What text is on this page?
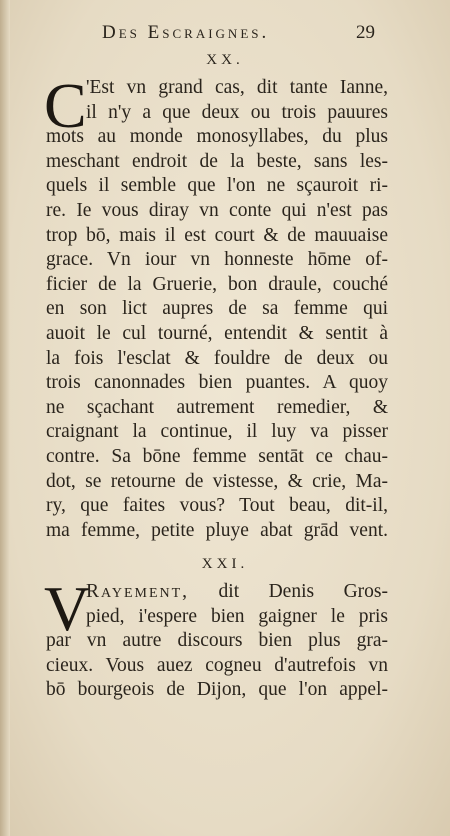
Des Escraignes.	29
XX.
C 'Est vn grand cas, dit tante Ianne,
il n'y a que deux ou trois pauures
mots au monde monosyllabes, du plus
meschant endroit de la beste, sans les-
quels il semble que l'on ne sçauroit ri-
re. Ie vous diray vn conte qui n'est pas
trop bō, mais il est court & de mauuaise
grace. Vn iour vn honneste hōme of-
ficier de la Gruerie, bon draule, couché
en son lict aupres de sa femme qui
auoit le cul tourné, entendit & sentit à
la fois l'esclat & fouldre de deux ou
trois canonnades bien puantes. A quoy
ne sçachant autrement remedier, &
craignant la continue, il luy va pisser
contre. Sa bōne femme sentāt ce chau-
dot, se retourne de vistesse, & crie, Ma-
ry, que faites vous? Tout beau, dit-il,
ma femme, petite pluye abat grād vent.
XXI.
V
Rayement, dit Denis Gros-
pied, i'espere bien gaigner le pris
par vn autre discours bien plus gra-
cieux. Vous auez cogneu d'autrefois vn
bō bourgeois de Dijon, que l'on appel-
